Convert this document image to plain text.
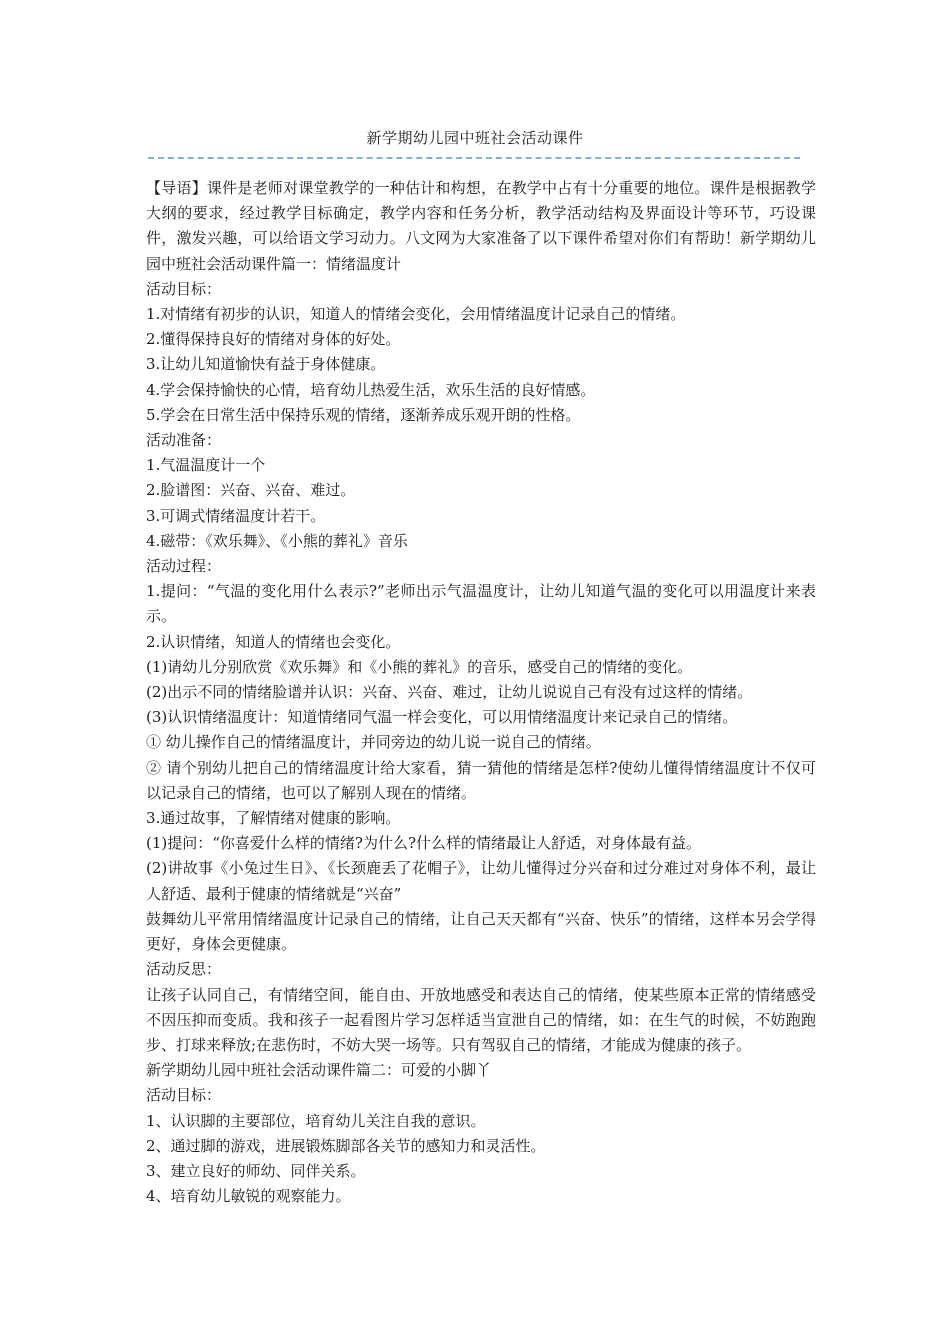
新学期幼儿园中班社会活动课件

【导语】课件是老师对课堂教学的一种估计和构想，在教学中占有十分重要的地位。课件是根据教学大纲的要求，经过教学目标确定，教学内容和任务分析，教学活动结构及界面设计等环节，巧设课件，激发兴趣，可以给语文学习动力。八文网为大家准备了以下课件希望对你们有帮助！新学期幼儿园中班社会活动课件篇一：情绪温度计

活动目标：

1.对情绪有初步的认识，知道人的情绪会变化，会用情绪温度计记录自己的情绪。

2.懂得保持良好的情绪对身体的好处。

3.让幼儿知道愉快有益于身体健康。

4.学会保持愉快的心情，培育幼儿热爱生活，欢乐生活的良好情感。

5.学会在日常生活中保持乐观的情绪，逐渐养成乐观开朗的性格。

活动准备：

1.气温温度计一个

2.脸谱图：兴奋、兴奋、难过。

3.可调式情绪温度计若干。

4.磁带：《欢乐舞》、《小熊的葬礼》音乐

活动过程：

1.提问：“气温的变化用什么表示?”老师出示气温温度计，让幼儿知道气温的变化可以用温度计来表示。

2.认识情绪，知道人的情绪也会变化。

(1)请幼儿分别欣赏《欢乐舞》和《小熊的葬礼》的音乐，感受自己的情绪的变化。

(2)出示不同的情绪脸谱并认识：兴奋、兴奋、难过，让幼儿说说自己有没有过这样的情绪。

(3)认识情绪温度计：知道情绪同气温一样会变化，可以用情绪温度计来记录自己的情绪。

① 幼儿操作自己的情绪温度计，并同旁边的幼儿说一说自己的情绪。

② 请个别幼儿把自己的情绪温度计给大家看，猜一猜他的情绪是怎样?使幼儿懂得情绪温度计不仅可以记录自己的情绪，也可以了解别人现在的情绪。

3.通过故事，了解情绪对健康的影响。

(1)提问：“你喜爱什么样的情绪?为什么?什么样的情绪最让人舒适，对身体最有益。

(2)讲故事《小兔过生日》、《长颈鹿丢了花帽子》，让幼儿懂得过分兴奋和过分难过对身体不利，最让人舒适、最利于健康的情绪就是“兴奋”

鼓舞幼儿平常用情绪温度计记录自己的情绪，让自己天天都有“兴奋、快乐”的情绪，这样本另会学得更好，身体会更健康。

活动反思：

让孩子认同自己，有情绪空间，能自由、开放地感受和表达自己的情绪，使某些原本正常的情绪感受不因压抑而变质。我和孩子一起看图片学习怎样适当宣泄自己的情绪，如：在生气的时候，不妨跑跑步、打球来释放;在悲伤时，不妨大哭一场等。只有驾驭自己的情绪，才能成为健康的孩子。

新学期幼儿园中班社会活动课件篇二：可爱的小脚丫

活动目标：

1、认识脚的主要部位，培育幼儿关注自我的意识。

2、通过脚的游戏，进展锻炼脚部各关节的感知力和灵活性。

3、建立良好的师幼、同伴关系。

4、培育幼儿敏锐的观察能力。
